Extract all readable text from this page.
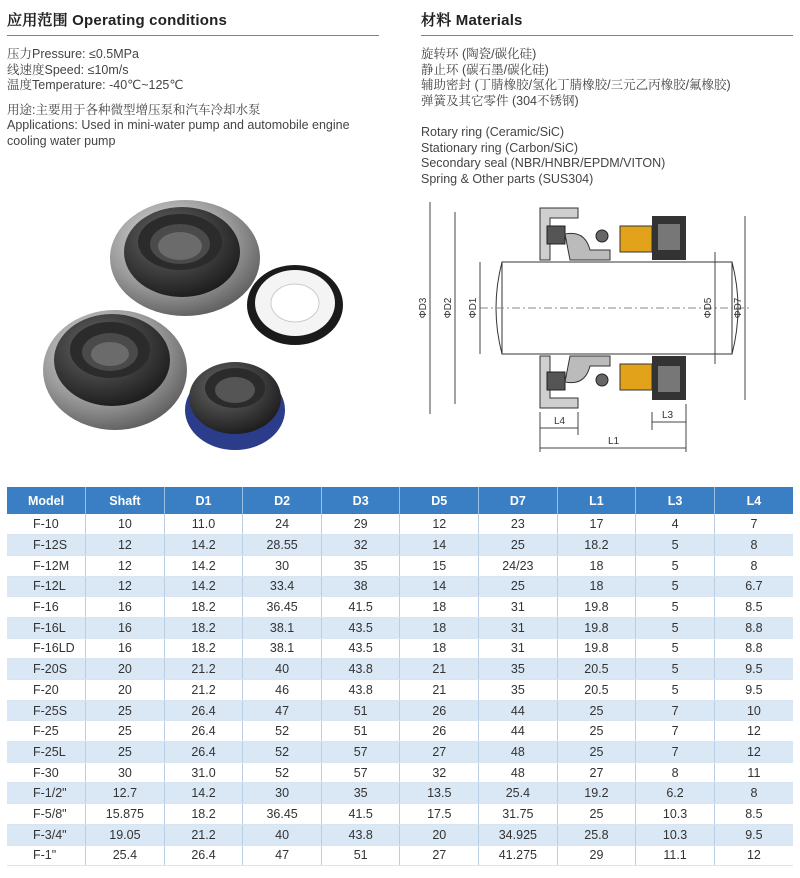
应用范围 Operating conditions
压力Pressure: ≤0.5MPa
线速度Speed: ≤10m/s
温度Temperature: -40℃~125℃
用途:主要用于各种微型增压泵和汽车冷却水泵
Applications: Used in mini-water pump and automobile engine
cooling water pump
材料 Materials
旋转环 (陶瓷/碳化硅)
静止环 (碳石墨/碳化硅)
辅助密封 (丁腈橡胶/氢化丁腈橡胶/三元乙丙橡胶/氟橡胶)
弹簧及其它零件 (304不锈钢)
Rotary ring (Ceramic/SiC)
Stationary ring (Carbon/SiC)
Secondary seal (NBR/HNBR/EPDM/VITON)
Spring & Other parts (SUS304)
ΦD3 ΦD2 ΦD1	ΦD5 ΦD7
L4
L3
L1
Model	Shaft	D1	D2	D3	D5	D7	L1	L3	L4
F-10	10	11.0	24	29	12	23	17	4	7
F-12S	12	14.2	28.55	32	14	25	18.2	5	8
F-12M	12	14.2	30	35	15	24/23	18	5	8
F-12L	12	14.2	33.4	38	14	25	18	5	6.7
F-16	16	18.2	36.45	41.5	18	31	19.8	5	8.5
F-16L	16	18.2	38.1	43.5	18	31	19.8	5	8.8
F-16LD	16	18.2	38.1	43.5	18	31	19.8	5	8.8
F-20S	20	21.2	40	43.8	21	35	20.5	5	9.5
F-20	20	21.2	46	43.8	21	35	20.5	5	9.5
F-25S	25	26.4	47	51	26	44	25	7	10
F-25	25	26.4	52	51	26	44	25	7	12
F-25L	25	26.4	52	57	27	48	25	7	12
F-30	30	31.0	52	57	32	48	27	8	11
F-1/2"	12.7	14.2	30	35	13.5	25.4	19.2	6.2	8
F-5/8"	15.875	18.2	36.45	41.5	17.5	31.75	25	10.3	8.5
F-3/4"	19.05	21.2	40	43.8	20	34.925	25.8	10.3	9.5
F-1"	25.4	26.4	47	51	27	41.275	29	11.1	12
